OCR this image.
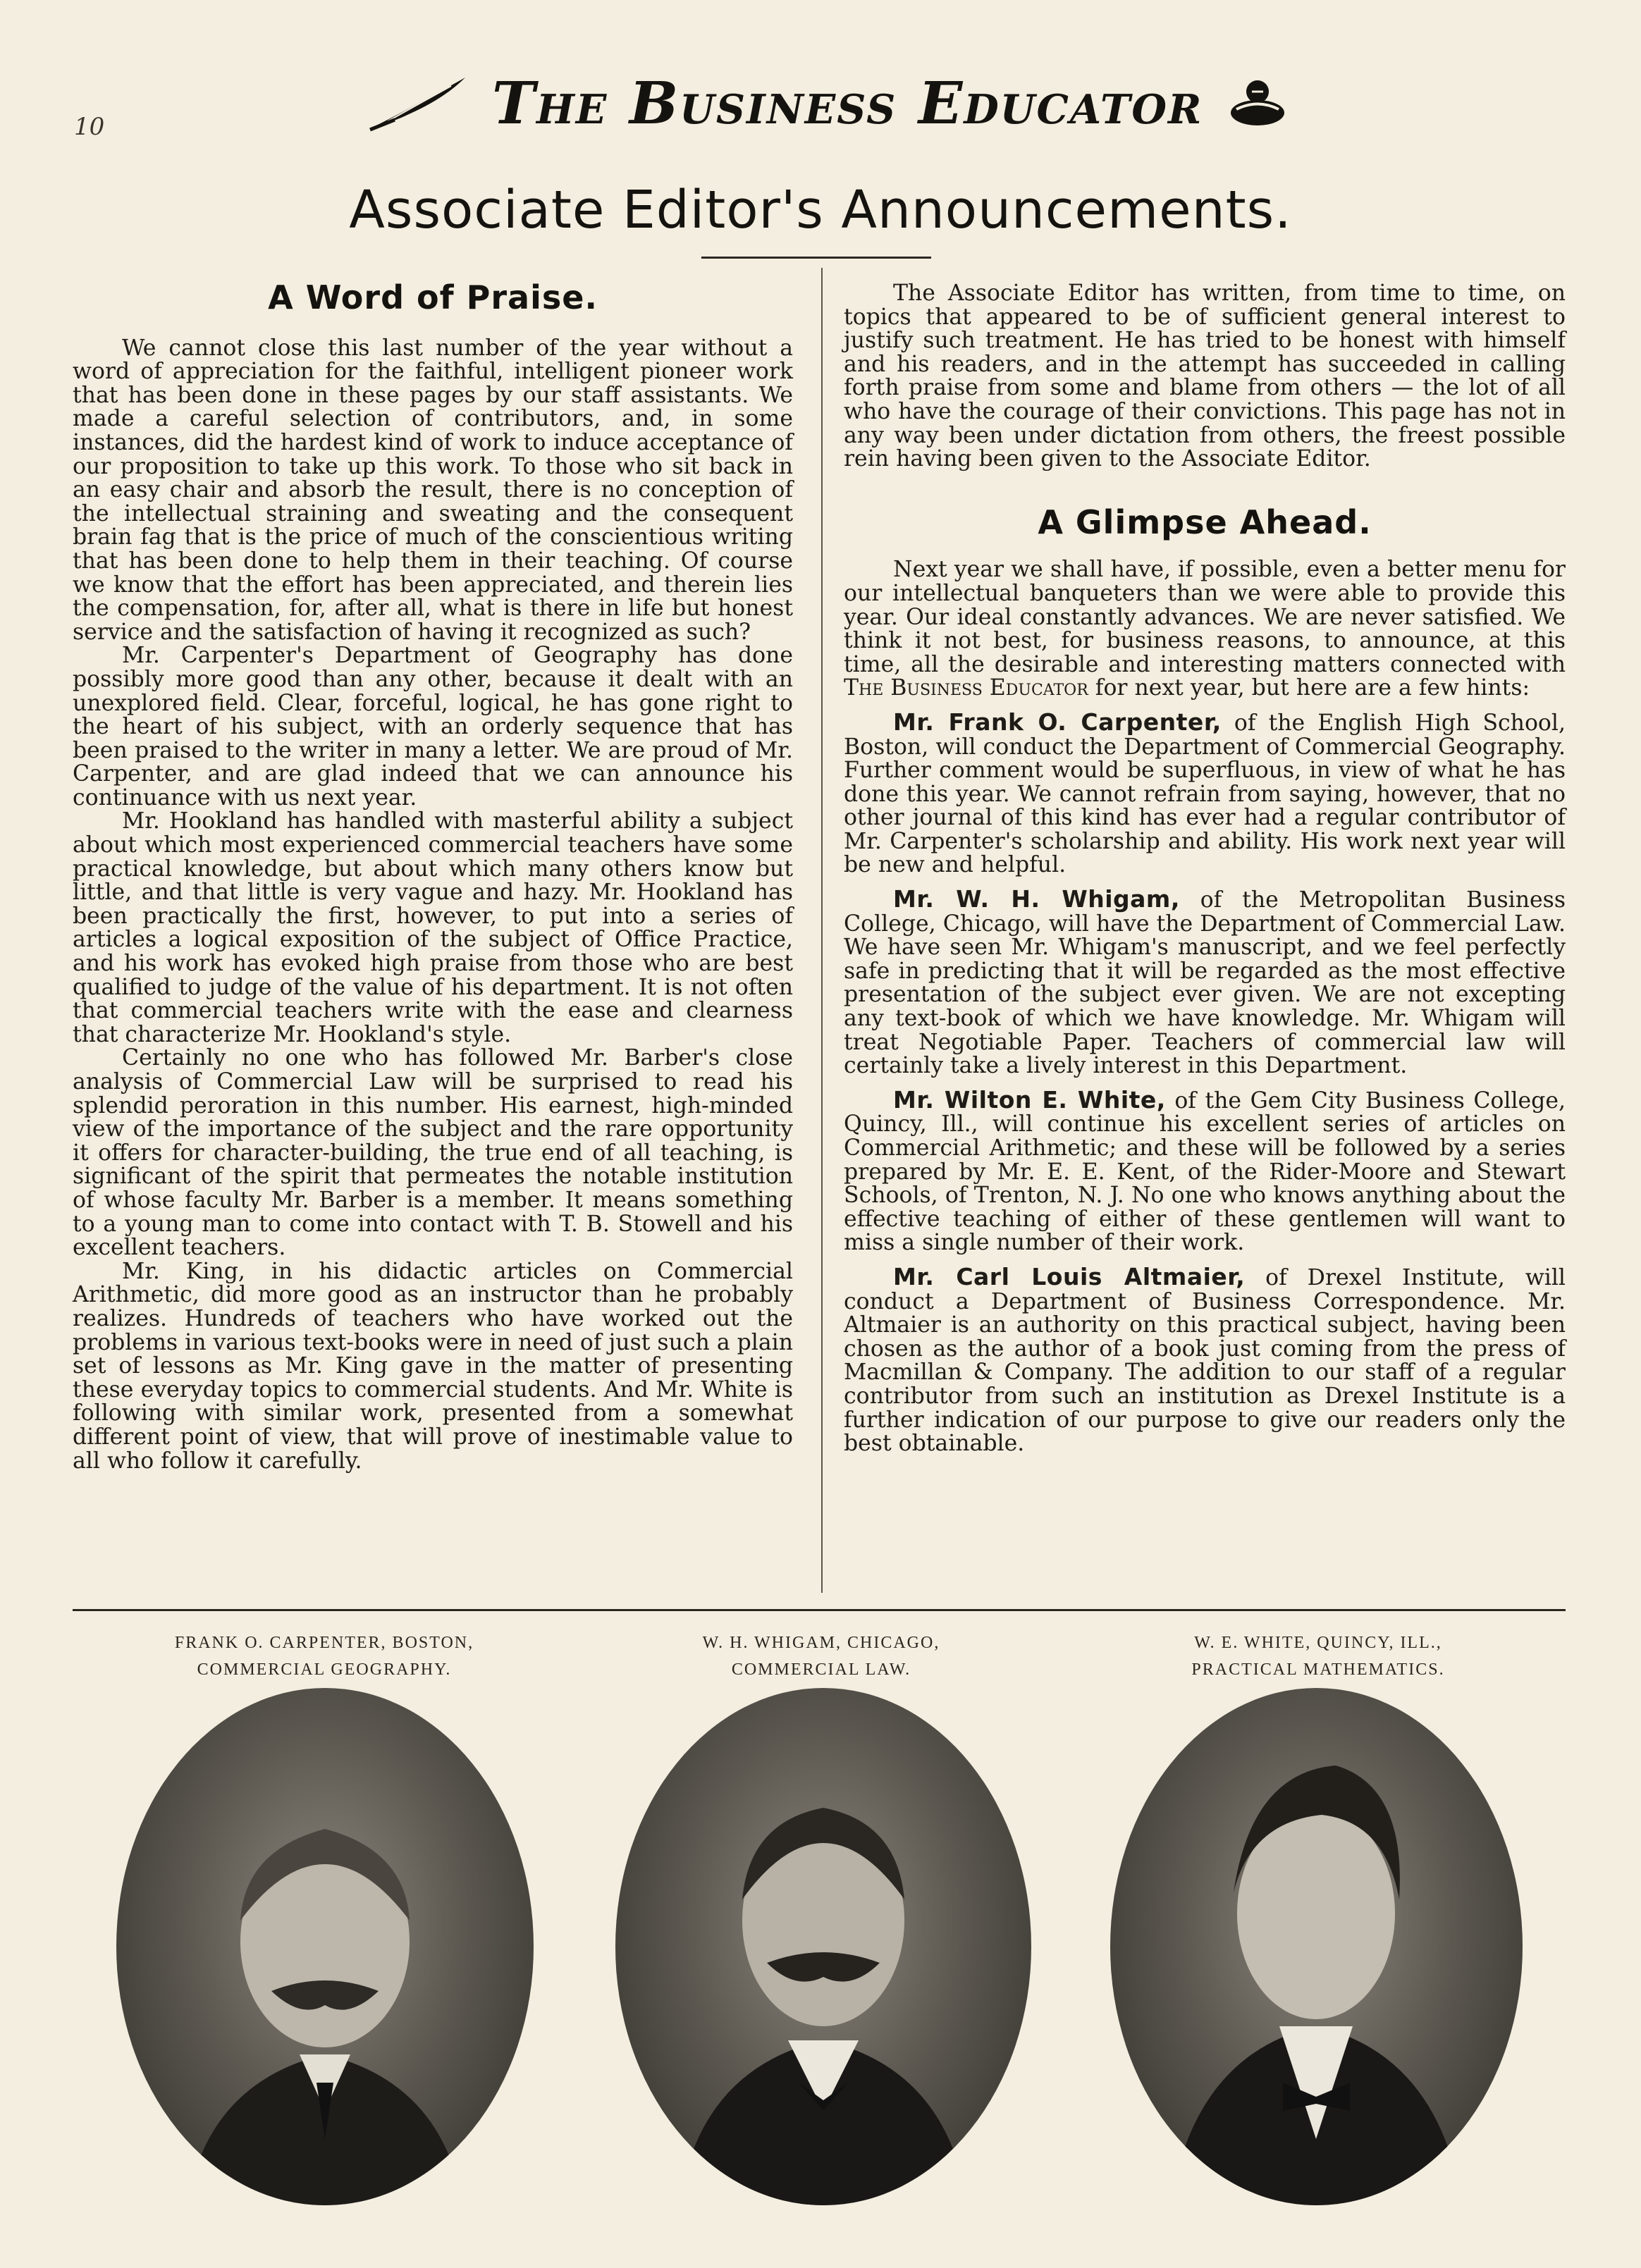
10	The Business Educator
Associate Editor's Announcements.
A Word of Praise.

We cannot close this last number of the year without a word of appreciation for the faithful, intelligent pioneer work that has been done in these pages by our staff assistants. We made a careful selection of contributors, and, in some instances, did the hardest kind of work to induce acceptance of our proposition to take up this work. To those who sit back in an easy chair and absorb the result, there is no conception of the intellectual straining and sweating and the consequent brain fag that is the price of much of the conscientious writing that has been done to help them in their teaching. Of course we know that the effort has been appreciated, and therein lies the compensation, for, after all, what is there in life but honest service and the satisfaction of having it recognized as such?

Mr. Carpenter's Department of Geography has done possibly more good than any other, because it dealt with an unexplored field. Clear, forceful, logical, he has gone right to the heart of his subject, with an orderly sequence that has been praised to the writer in many a letter. We are proud of Mr. Carpenter, and are glad indeed that we can announce his continuance with us next year.

Mr. Hookland has handled with masterful ability a subject about which most experienced commercial teachers have some practical knowledge, but about which many others know but little, and that little is very vague and hazy. Mr. Hookland has been practically the first, however, to put into a series of articles a logical exposition of the subject of Office Practice, and his work has evoked high praise from those who are best qualified to judge of the value of his department. It is not often that commercial teachers write with the ease and clearness that characterize Mr. Hookland's style.

Certainly no one who has followed Mr. Barber's close analysis of Commercial Law will be surprised to read his splendid peroration in this number. His earnest, high-minded view of the importance of the subject and the rare opportunity it offers for character-building, the true end of all teaching, is significant of the spirit that permeates the notable institution of whose faculty Mr. Barber is a member. It means something to a young man to come into contact with T. B. Stowell and his excellent teachers.

Mr. King, in his didactic articles on Commercial Arithmetic, did more good as an instructor than he probably realizes. Hundreds of teachers who have worked out the problems in various text-books were in need of just such a plain set of lessons as Mr. King gave in the matter of presenting these everyday topics to commercial students. And Mr. White is following with similar work, presented from a somewhat different point of view, that will prove of inestimable value to all who follow it carefully.

The Associate Editor has written, from time to time, on topics that appeared to be of sufficient general interest to justify such treatment. He has tried to be honest with himself and his readers, and in the attempt has succeeded in calling forth praise from some and blame from others — the lot of all who have the courage of their convictions. This page has not in any way been under dictation from others, the freest possible rein having been given to the Associate Editor.

A Glimpse Ahead.

Next year we shall have, if possible, even a better menu for our intellectual banqueters than we were able to provide this year. Our ideal constantly advances. We are never satisfied. We think it not best, for business reasons, to announce, at this time, all the desirable and interesting matters connected with The Business Educator for next year, but here are a few hints:

Mr. Frank O. Carpenter, of the English High School, Boston, will conduct the Department of Commercial Geography. Further comment would be superfluous, in view of what he has done this year. We cannot refrain from saying, however, that no other journal of this kind has ever had a regular contributor of Mr. Carpenter's scholarship and ability. His work next year will be new and helpful.

Mr. W. H. Whigam, of the Metropolitan Business College, Chicago, will have the Department of Commercial Law. We have seen Mr. Whigam's manuscript, and we feel perfectly safe in predicting that it will be regarded as the most effective presentation of the subject ever given. We are not excepting any text-book of which we have knowledge. Mr. Whigam will treat Negotiable Paper. Teachers of commercial law will certainly take a lively interest in this Department.

Mr. Wilton E. White, of the Gem City Business College, Quincy, Ill., will continue his excellent series of articles on Commercial Arithmetic; and these will be followed by a series prepared by Mr. E. E. Kent, of the Rider-Moore and Stewart Schools, of Trenton, N. J. No one who knows anything about the effective teaching of either of these gentlemen will want to miss a single number of their work.

Mr. Carl Louis Altmaier, of Drexel Institute, will conduct a Department of Business Correspondence. Mr. Altmaier is an authority on this practical subject, having been chosen as the author of a book just coming from the press of Macmillan & Company. The addition to our staff of a regular contributor from such an institution as Drexel Institute is a further indication of our purpose to give our readers only the best obtainable.

FRANK O. CARPENTER, BOSTON,
COMMERCIAL GEOGRAPHY.
W. H. WHIGAM, CHICAGO,
COMMERCIAL LAW.
W. E. WHITE, QUINCY, ILL.,
PRACTICAL MATHEMATICS.
